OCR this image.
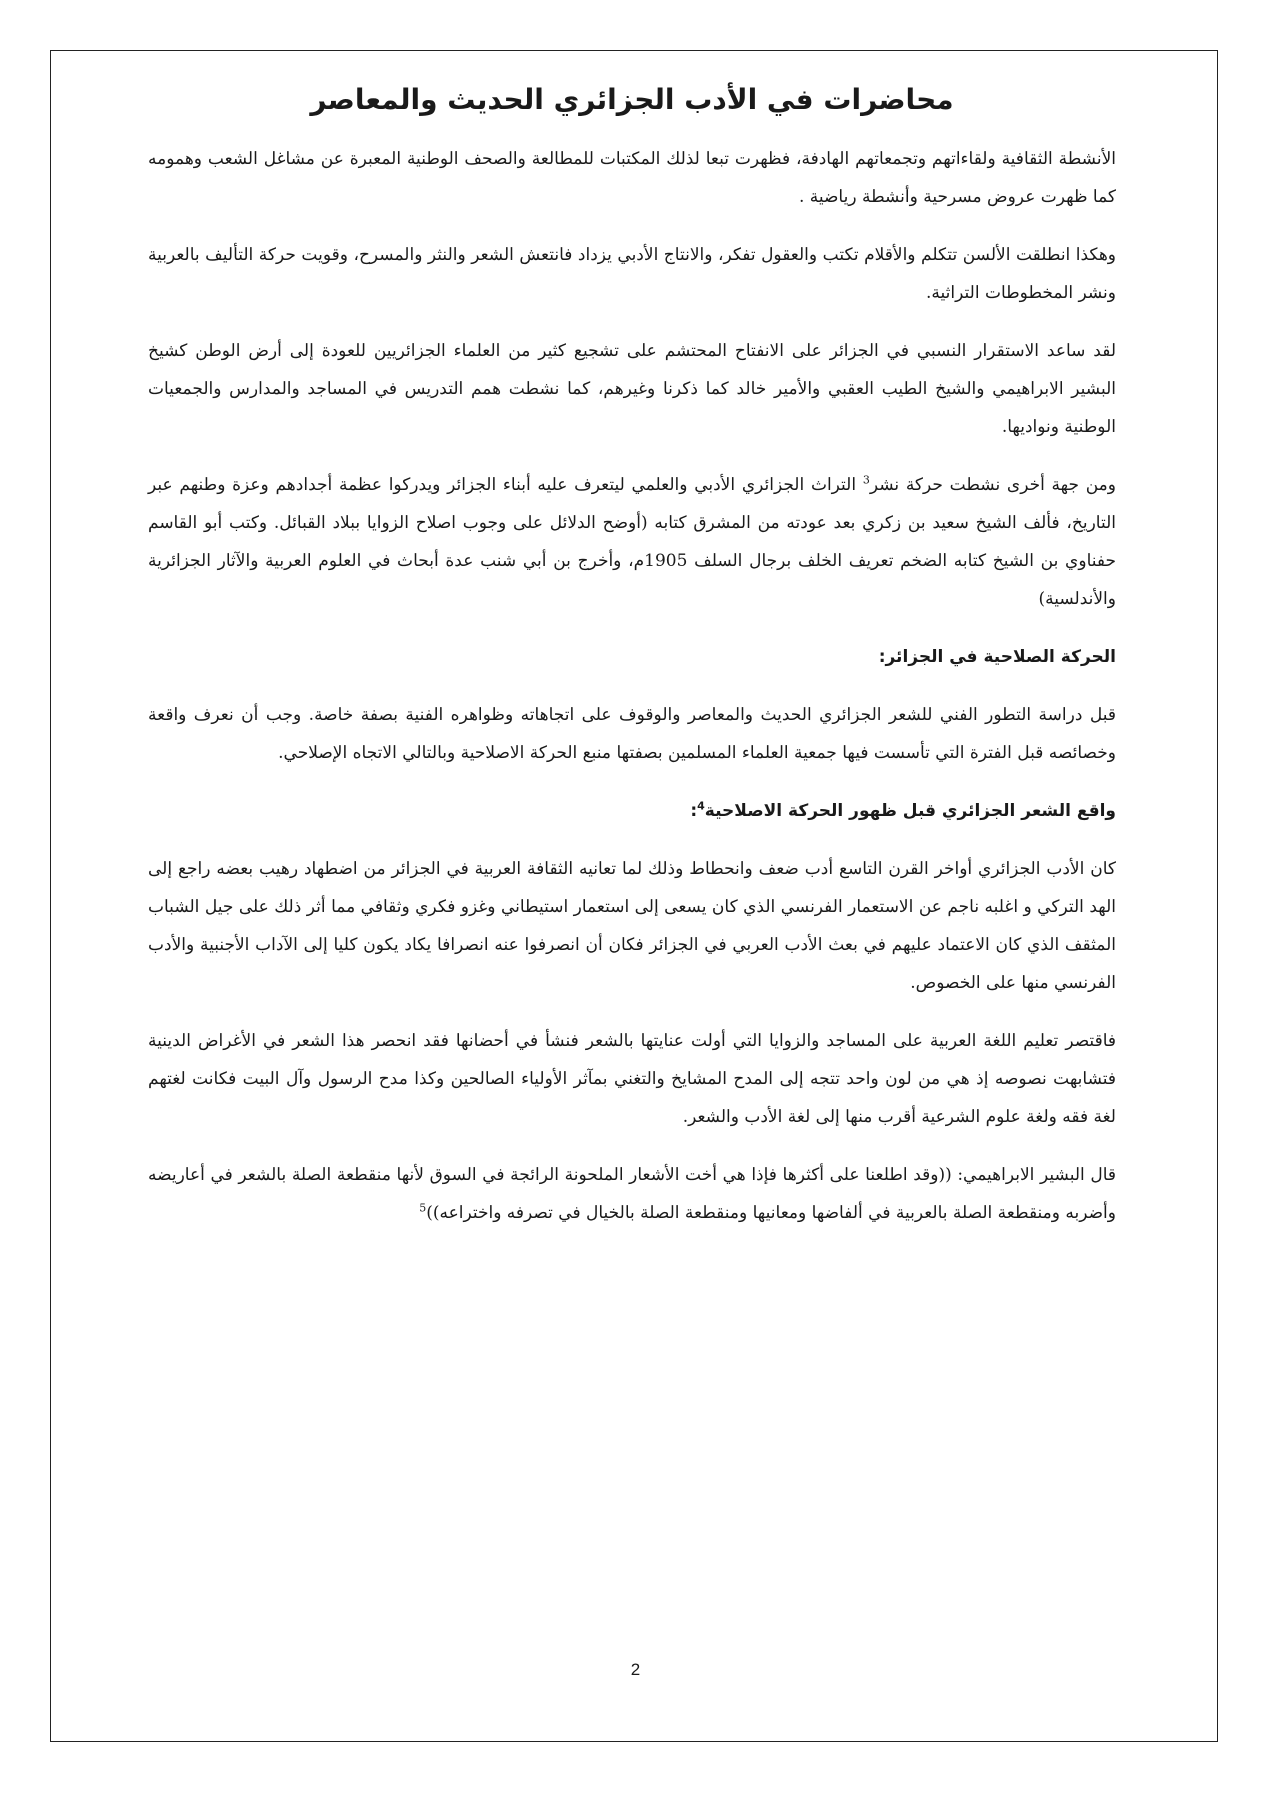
محاضرات في الأدب الجزائري الحديث والمعاصر

الأنشطة الثقافية ولقاءاتهم وتجمعاتهم الهادفة، فظهرت تبعا لذلك المكتبات للمطالعة والصحف الوطنية المعبرة عن مشاغل الشعب وهمومه كما ظهرت عروض مسرحية وأنشطة رياضية .

وهكذا انطلقت الألسن تتكلم والأقلام تكتب والعقول تفكر، والانتاج الأدبي يزداد فانتعش الشعر والنثر والمسرح، وقويت حركة التأليف بالعربية ونشر المخطوطات التراثية.

لقد ساعد الاستقرار النسبي في الجزائر على الانفتاح المحتشم على تشجيع كثير من العلماء الجزائريين للعودة إلى أرض الوطن كشيخ البشير الابراهيمي والشيخ الطيب العقبي والأمير خالد كما ذكرنا وغيرهم، كما نشطت همم التدريس في المساجد والمدارس والجمعيات الوطنية ونواديها.

ومن جهة أخرى نشطت حركة نشر$^3$ التراث الجزائري الأدبي والعلمي ليتعرف عليه أبناء الجزائر ويدركوا عظمة أجدادهم وعزة وطنهم عبر التاريخ، فألف الشيخ سعيد بن زكري بعد عودته من المشرق كتابه (أوضح الدلائل على وجوب اصلاح الزوايا ببلاد القبائل. وكتب أبو القاسم حفناوي بن الشيخ كتابه الضخم تعريف الخلف برجال السلف 1905م، وأخرج بن أبي شنب عدة أبحاث في العلوم العربية والآثار الجزائرية والأندلسية)

الحركة الصلاحية في الجزائر:

قبل دراسة التطور الفني للشعر الجزائري الحديث والمعاصر والوقوف على اتجاهاته وظواهره الفنية بصفة خاصة. وجب أن نعرف واقعة وخصائصه قبل الفترة التي تأسست فيها جمعية العلماء المسلمين بصفتها منبع الحركة الاصلاحية وبالتالي الاتجاه الإصلاحي.

واقع الشعر الجزائري قبل ظهور الحركة الاصلاحية$^4$:

كان الأدب الجزائري أواخر القرن التاسع أدب ضعف وانحطاط وذلك لما تعانيه الثقافة العربية في الجزائر من اضطهاد رهيب بعضه راجع إلى الهد التركي و اغلبه ناجم عن الاستعمار الفرنسي الذي كان يسعى إلى استعمار استيطاني وغزو فكري وثقافي مما أثر ذلك على جيل الشباب المثقف الذي كان الاعتماد عليهم في بعث الأدب العربي في الجزائر فكان أن انصرفوا عنه انصرافا يكاد يكون كليا إلى الآداب الأجنبية والأدب الفرنسي منها على الخصوص.

فاقتصر تعليم اللغة العربية على المساجد والزوايا التي أولت عنايتها بالشعر فنشأ في أحضانها فقد انحصر هذا الشعر في الأغراض الدينية فتشابهت نصوصه إذ هي من لون واحد تتجه إلى المدح المشايخ والتغني بمآثر الأولياء الصالحين وكذا مدح الرسول وآل البيت فكانت لغتهم لغة فقه ولغة علوم الشرعية أقرب منها إلى لغة الأدب والشعر.

قال البشير الابراهيمي: ((وقد اطلعنا على أكثرها فإذا هي أخت الأشعار الملحونة الرائجة في السوق لأنها منقطعة الصلة بالشعر في أعاريضه وأضربه ومنقطعة الصلة بالعربية في ألفاضها ومعانيها ومنقطعة الصلة بالخيال في تصرفه واختراعه))$^5$

2
